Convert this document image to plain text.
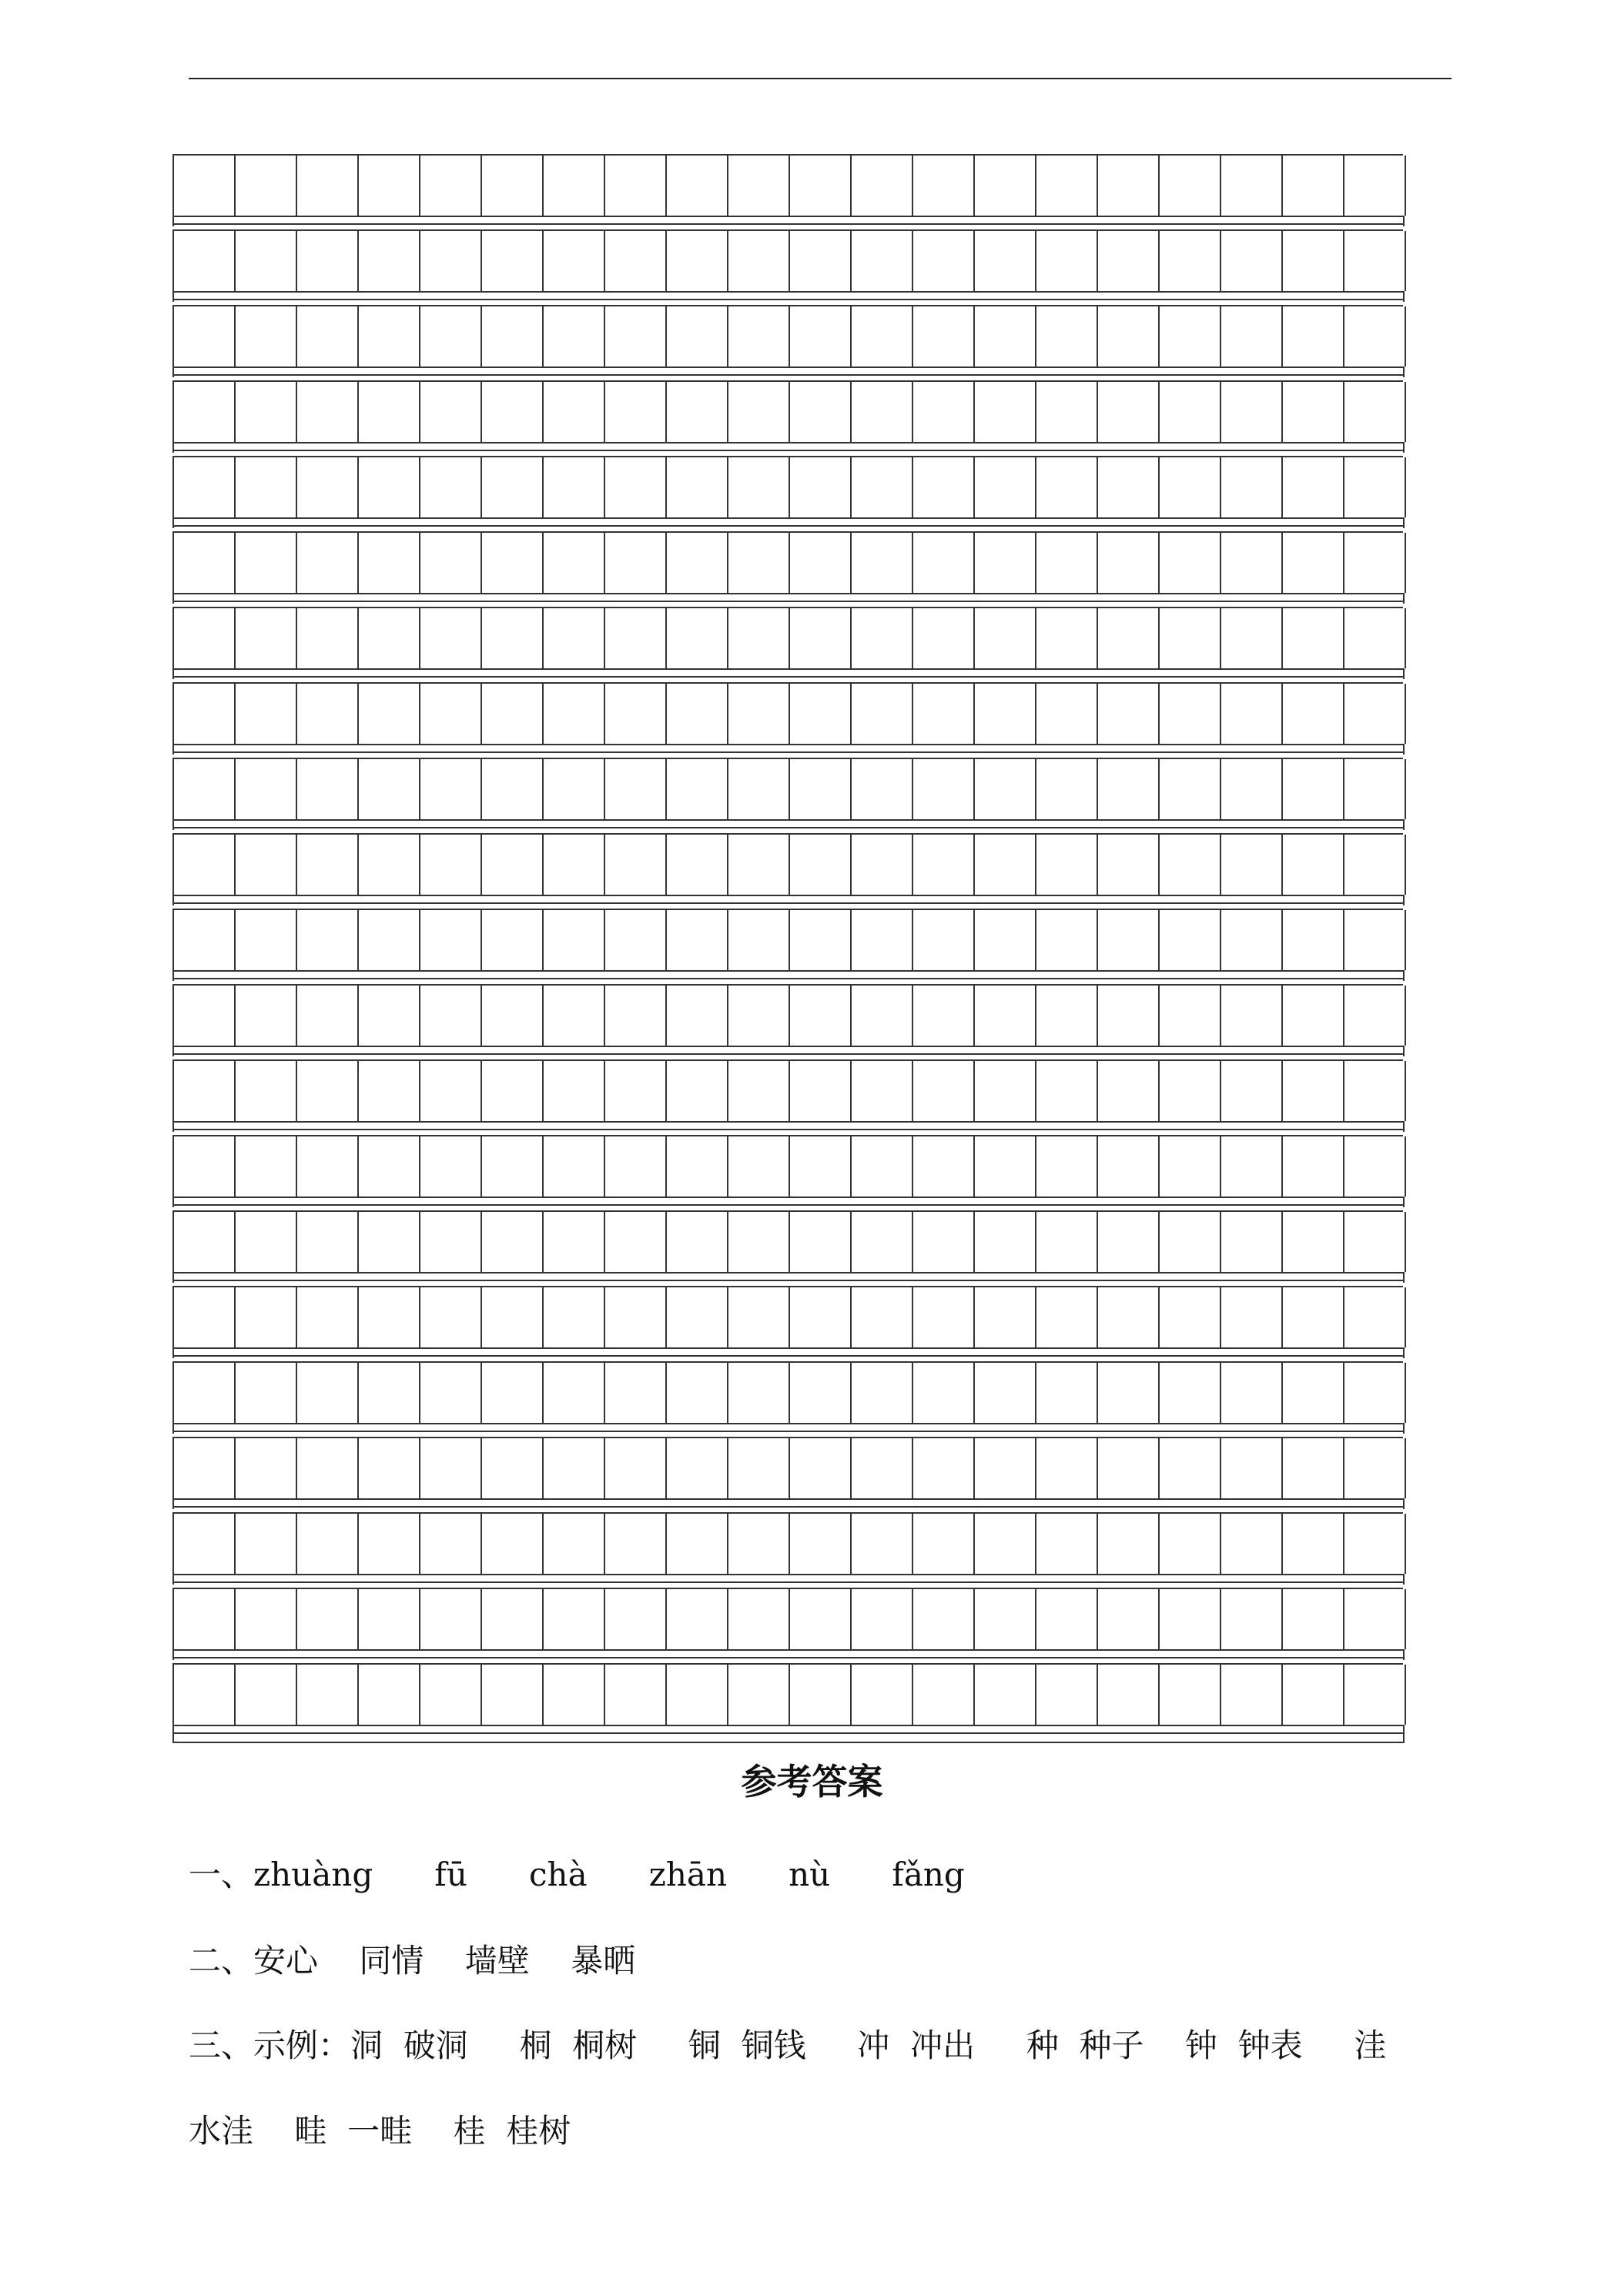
参考答案
一、zhuàng      fū      chà      zhān      nù      fǎng
二、安心    同情    墙壁    暴晒
三、示例：洞  破洞     桐  桐树     铜  铜钱     冲  冲出     种  种子    钟  钟表     洼
水洼    畦  一畦    桂  桂树
